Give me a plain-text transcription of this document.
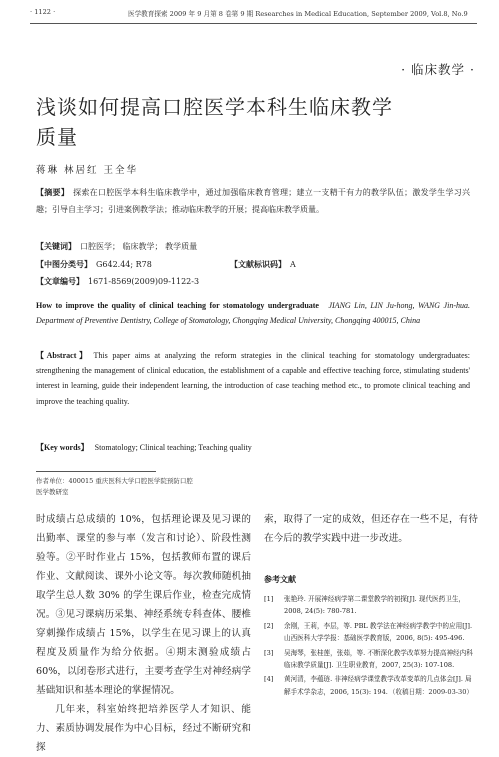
· 1122 ·	医学教育探索 2009 年 9 月第 8 卷第 9 期 Researches in Medical Education, September 2009, Vol.8, No.9
· 临床教学 ·
浅谈如何提高口腔医学本科生临床教学质量
蒋琳 林居红 王全华
【摘要】 探索在口腔医学本科生临床教学中，通过加强临床教育管理；建立一支精干有力的教学队伍；激发学生学习兴趣；引导自主学习；引进案例教学法；推动临床教学的开展；提高临床教学质量。
【关键词】 口腔医学； 临床教学； 教学质量
【中图分类号】 G642.44; R78	【文献标识码】 A
【文章编号】 1671-8569(2009)09-1122-3
How to improve the quality of clinical teaching for stomatology undergraduate JIANG Lin, LIN Ju-hong, WANG Jin-hua. Department of Preventive Dentistry, College of Stomatology, Chongqing Medical University, Chongqing 400015, China
【Abstract】 This paper aims at analyzing the reform strategies in the clinical teaching for stomatology undergraduates: strengthening the management of clinical education, the establishment of a capable and effective teaching force, stimulating students' interest in learning, guide their independent learning, the introduction of case teaching method etc., to promote clinical teaching and improve the teaching quality.
【Key words】 Stomatology; Clinical teaching; Teaching quality
作者单位：400015 重庆医科大学口腔医学院预防口腔
医学教研室

时成绩占总成绩的 10%，包括理论课及见习课的出勤率、课堂的参与率（发言和讨论）、阶段性测验等。②平时作业占 15%，包括教师布置的课后作业、文献阅读、课外小论文等。每次教师随机抽取学生总人数 30% 的学生课后作业，检查完成情况。③见习课病历采集、神经系统专科查体、腰椎穿刺操作成绩占 15%，以学生在见习课上的认真程度及质量作为给分依据。④期末测验成绩占 60%，以闭卷形式进行，主要考查学生对神经病学基础知识和基本理论的掌握情况。

几年来，科室始终把培养医学人才知识、能力、素质协调发展作为中心目标，经过不断研究和探

索，取得了一定的成效，但还存在一些不足，有待在今后的教学实践中进一步改进。

参考文献
[1]	张艳玲. 开展神经病学第二课堂教学的初探[J]. 现代医药卫生，2008, 24(5): 780-781.
[2]	余刚，王莉，李层，等. PBL 教学法在神经病学教学中的应用[J]. 山西医科大学学报：基础医学教育版，2006, 8(5): 495-496.
[3]	吴海琴，张桂莲，张茹，等. 不断深化教学改革努力提高神经内科临床教学质量[J]. 卫生职业教育，2007, 25(3): 107-108.
[4]	黄河清，李蕴琏. 非神经病学课堂教学改革变革的几点体会[J]. 局解手术学杂志，2006, 15(3): 194. （收稿日期：2009-03-30）
